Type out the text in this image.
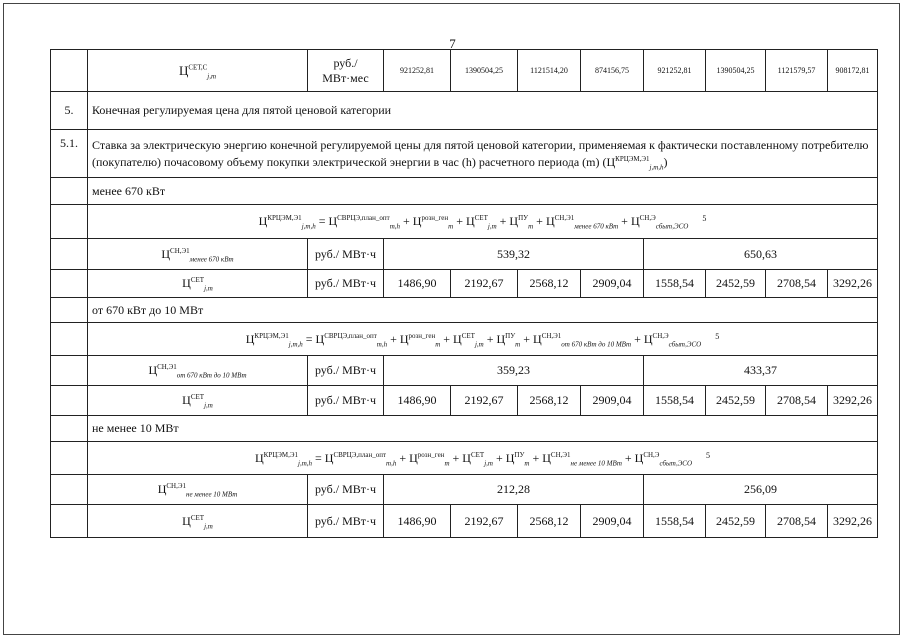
7
	$Ц^{СЕТ,С}_{j,m}$	руб./ МВт·мес	921252,81	1390504,25	1121514,20	874156,75	921252,81	1390504,25	1121579,57	908172,81
5.	Конечная регулируемая цена для пятой ценовой категории									
5.1.	Ставка за электрическую энергию конечной регулируемой цены для пятой ценовой категории, применяемая к фактически поставленному потребителю (покупателю) почасовому объему покупки электрической энергии в час (h) расчетного периода (m) $(Ц^{КРЦЭМ,Э1}_{j,m,h})$									
	менее 670 кВт									
	$Ц^{КРЦЭМ,Э1}_{j,m,h} = Ц^{СВРЦЭ,план\_опт}_{m,h} + Ц^{розн\_ген}_m + Ц^{СЕТ}_{j,m} + Ц^{ПУ}_m + Ц^{СН,Э1}_{менее 670 кВт} + Ц^{СН,Э}_{сбыт,ЭСО}^5$
	$Ц^{СН,Э1}_{менее 670 кВт}$	руб./ МВт·ч	539,32				650,63			
	$Ц^{СЕТ}_{j,m}$	руб./ МВт·ч	1486,90	2192,67	2568,12	2909,04	1558,54	2452,59	2708,54	3292,26
	от 670 кВт до 10 МВт									
	$Ц^{КРЦЭМ,Э1}_{j,m,h} = Ц^{СВРЦЭ,план\_опт}_{m,h} + Ц^{розн\_ген}_m + Ц^{СЕТ}_{j,m} + Ц^{ПУ}_m + Ц^{СН,Э1}_{от 670 кВт до 10 МВт} + Ц^{СН,Э}_{сбыт,ЭСО}^5$
	$Ц^{СН,Э1}_{от 670 кВт до 10 МВт}$	руб./ МВт·ч	359,23				433,37			
	$Ц^{СЕТ}_{j,m}$	руб./ МВт·ч	1486,90	2192,67	2568,12	2909,04	1558,54	2452,59	2708,54	3292,26
	не менее 10 МВт									
	$Ц^{КРЦЭМ,Э1}_{j,m,h} = Ц^{СВРЦЭ,план\_опт}_{m,h} + Ц^{розн\_ген}_m + Ц^{СЕТ}_{j,m} + Ц^{ПУ}_m + Ц^{СН,Э1}_{не менее 10 МВт} + Ц^{СН,Э}_{сбыт,ЭСО}^5$
	$Ц^{СН,Э1}_{не менее 10 МВт}$	руб./ МВт·ч	212,28				256,09			
	$Ц^{СЕТ}_{j,m}$	руб./ МВт·ч	1486,90	2192,67	2568,12	2909,04	1558,54	2452,59	2708,54	3292,26
